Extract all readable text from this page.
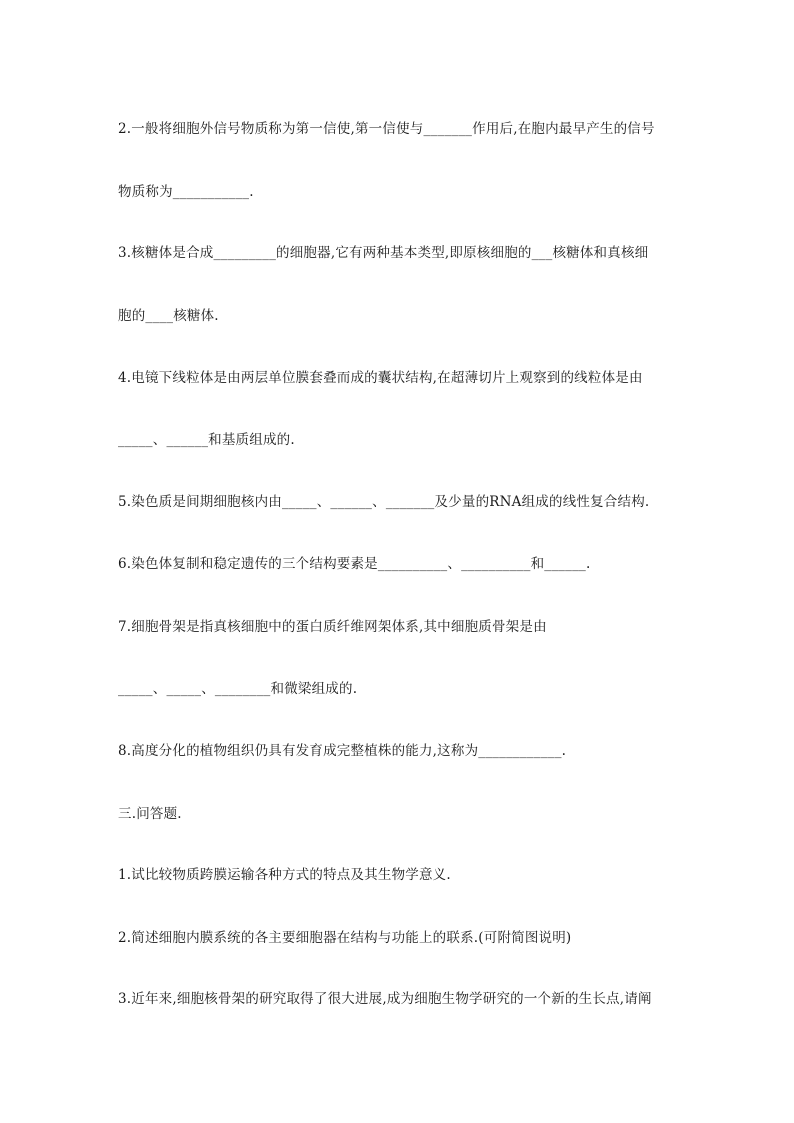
2.一般将细胞外信号物质称为第一信使,第一信使与_______作用后,在胞内最早产生的信号
物质称为___________.
3.核糖体是合成_________的细胞器,它有两种基本类型,即原核细胞的___核糖体和真核细
胞的____核糖体.
4.电镜下线粒体是由两层单位膜套叠而成的囊状结构,在超薄切片上观察到的线粒体是由
_____、______和基质组成的.
5.染色质是间期细胞核内由_____、______、_______及少量的RNA组成的线性复合结构.
6.染色体复制和稳定遗传的三个结构要素是__________、__________和______.
7.细胞骨架是指真核细胞中的蛋白质纤维网架体系,其中细胞质骨架是由
_____、_____、________和微梁组成的.
8.高度分化的植物组织仍具有发育成完整植株的能力,这称为____________.
三.问答题.
1.试比较物质跨膜运输各种方式的特点及其生物学意义.
2.简述细胞内膜系统的各主要细胞器在结构与功能上的联系.(可附简图说明)
3.近年来,细胞核骨架的研究取得了很大进展,成为细胞生物学研究的一个新的生长点,请阐
